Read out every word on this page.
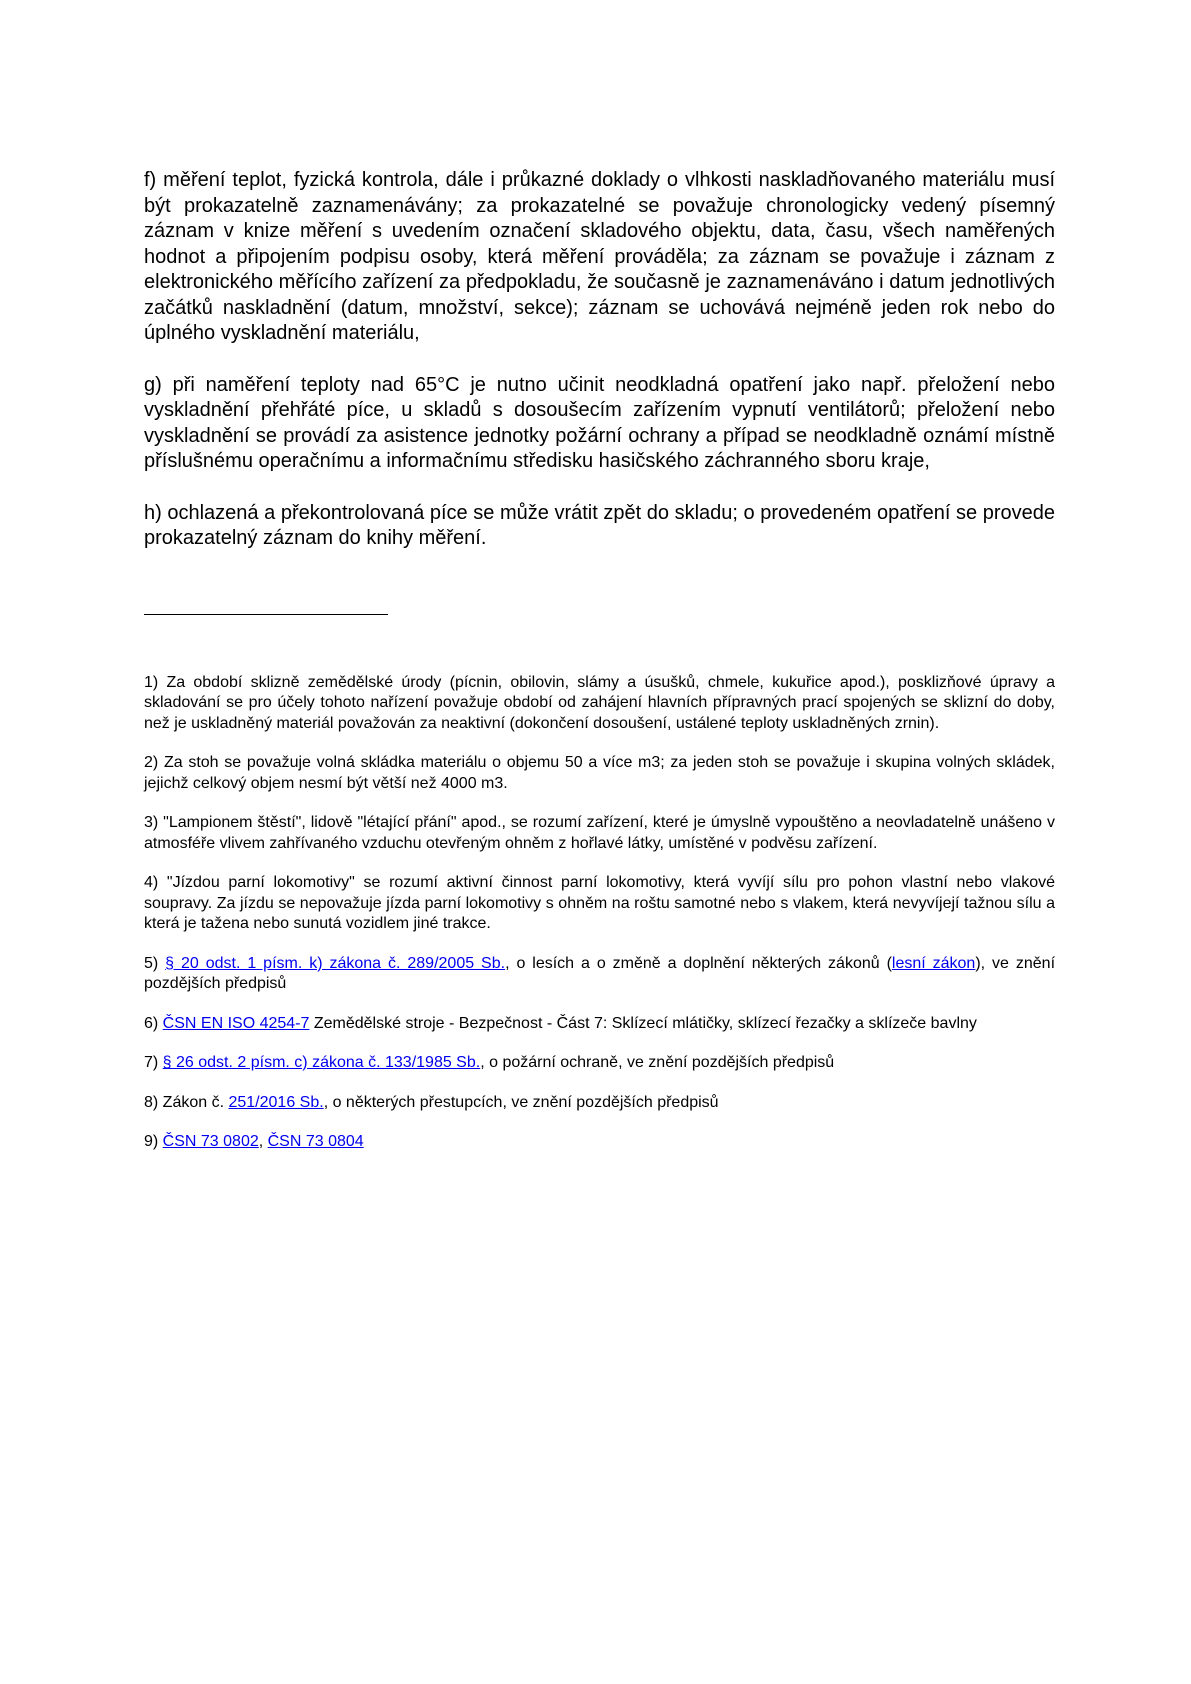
f) měření teplot, fyzická kontrola, dále i průkazné doklady o vlhkosti naskladňovaného materiálu musí být prokazatelně zaznamenávány; za prokazatelné se považuje chronologicky vedený písemný záznam v knize měření s uvedením označení skladového objektu, data, času, všech naměřených hodnot a připojením podpisu osoby, která měření prováděla; za záznam se považuje i záznam z elektronického měřícího zařízení za předpokladu, že současně je zaznamenáváno i datum jednotlivých začátků naskladnění (datum, množství, sekce); záznam se uchovává nejméně jeden rok nebo do úplného vyskladnění materiálu,

g) při naměření teploty nad 65°C je nutno učinit neodkladná opatření jako např. přeložení nebo vyskladnění přehřáté píce, u skladů s dosoušecím zařízením vypnutí ventilátorů; přeložení nebo vyskladnění se provádí za asistence jednotky požární ochrany a případ se neodkladně oznámí místně příslušnému operačnímu a informačnímu středisku hasičského záchranného sboru kraje,

h) ochlazená a překontrolovaná píce se může vrátit zpět do skladu; o provedeném opatření se provede prokazatelný záznam do knihy měření.

1) Za období sklizně zemědělské úrody (pícnin, obilovin, slámy a úsušků, chmele, kukuřice apod.), posklizňové úpravy a skladování se pro účely tohoto nařízení považuje období od zahájení hlavních přípravných prací spojených se sklizní do doby, než je uskladněný materiál považován za neaktivní (dokončení dosoušení, ustálené teploty uskladněných zrnin).

2) Za stoh se považuje volná skládka materiálu o objemu 50 a více m3; za jeden stoh se považuje i skupina volných skládek, jejichž celkový objem nesmí být větší než 4000 m3.

3) "Lampionem štěstí", lidově "létající přání" apod., se rozumí zařízení, které je úmyslně vypouštěno a neovladatelně unášeno v atmosféře vlivem zahřívaného vzduchu otevřeným ohněm z hořlavé látky, umístěné v podvěsu zařízení.

4) "Jízdou parní lokomotivy" se rozumí aktivní činnost parní lokomotivy, která vyvíjí sílu pro pohon vlastní nebo vlakové soupravy. Za jízdu se nepovažuje jízda parní lokomotivy s ohněm na roštu samotné nebo s vlakem, která nevyvíjejí tažnou sílu a která je tažena nebo sunutá vozidlem jiné trakce.

5) § 20 odst. 1 písm. k) zákona č. 289/2005 Sb., o lesích a o změně a doplnění některých zákonů (lesní zákon), ve znění pozdějších předpisů

6) ČSN EN ISO 4254-7 Zemědělské stroje - Bezpečnost - Část 7: Sklízecí mlátičky, sklízecí řezačky a sklízeče bavlny

7) § 26 odst. 2 písm. c) zákona č. 133/1985 Sb., o požární ochraně, ve znění pozdějších předpisů

8) Zákon č. 251/2016 Sb., o některých přestupcích, ve znění pozdějších předpisů

9) ČSN 73 0802, ČSN 73 0804
